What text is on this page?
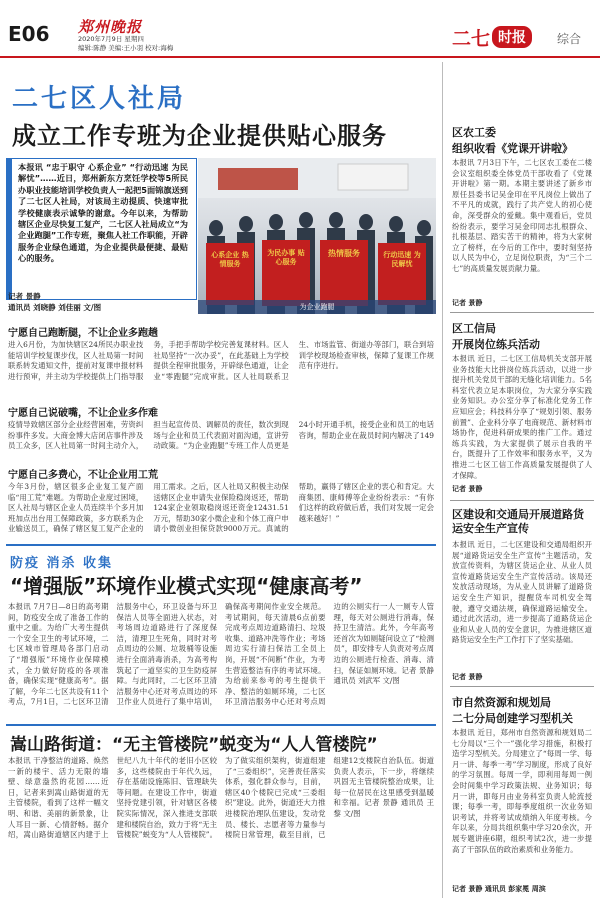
E06 郑州晚报
2020年7月9日 星期四
编辑:陈静 美编:王小羽 校对:海梅	二七 时报	综合
二七区人社局
成立工作专班为企业提供贴心服务
本报讯 “忠于职守 心系企业” “行动迅速 为民解忧”……近日，郑州新东方烹饪学校等5所民办职业技能培训学校负责人一起把5面锦旗送到了二七区人社局，对该局主动提质、快速审批学校健康表示诚挚的谢意。今年以来，为帮助辖区企业尽快复工复产，二七区人社局成立“为企业跑腿”工作专班，聚焦人社工作职能，开辟服务企业绿色通道，为企业提供最便捷、最贴心的服务。
记者 景静
通讯员 刘晓静 刘佳丽 文/图
心系企业 热情服务
为民办事 贴心服务
热情服务	行动迅速 为民解忧
为企业跑腿
宁愿自己跑断腿，不让企业多跑趟
进入6月份，为加快辖区24所民办职业技能培训学校复课步伐，区人社局第一时间联系转发通知文件，提前对复课申报材料进行预审，并主动为学校提供上门指导服务，手把手帮助学校完善复课材料。区人社局坚持“一次办妥”，在此基础上为学校提供全程审批服务，开辟绿色通道，让企业“零跑腿”完成审批。区人社局联系卫生、市场监管、街道办等部门，联合到培训学校现场检查审核，保障了复课工作规范有序进行。
宁愿自己说破嘴，不让企业多作难
疫情导致辖区部分企业经营困难，劳资纠纷事件多发。大商金博大店闭店事件涉及员工众多，区人社局第一时间主动介入，担当起宣传员、调解员的责任，数次到现场与企业和员工代表面对面沟通，宣讲劳动政策。“为企业跑腿”专班工作人员更是24小时开通手机，接受企业和员工的电话咨询，帮助企业在裁员时间内解决了149
宁愿自己多费心，不让企业用工荒
今年3月份，辖区很多企业复工复产面临“用工荒”难题。为帮助企业度过困境，区人社局与辖区企业人员连续半个多月加班加点出台用工保障政策，多方联系为企业输送员工，确保了辖区复工复产企业的用工需求。之后，区人社局又积极主动保送辖区企业申请失业保险稳岗返还，帮助124家企业领取稳岗返还资金12431.51万元，帮助30家小微企业和个体工商户申请小微创业担保贷款9000万元。真诚的帮助，赢得了辖区企业的衷心和肯定。大商集团、康师傅等企业纷纷表示：“有你们这样的政府做后盾，我们对发展一定会越来越好！”
防疫 消杀 收集
“增强版”环境作业模式实现“健康高考”
本报讯 7月7日—8日的高考期间，防疫安全成了准备工作的重中之重。为给广大考生提供一个安全卫生的考试环境，二七区城市管理局各部门启动了“增强版”环境作业保障模式，全力做好防疫的各项准备，确保实现“健康高考”。据了解，今年二七区共设有11个考点，7月1日，二七区环卫清洁服务中心，环卫设备与环卫保洁人员等全面进入状态，对考场周边道路进行了深度保洁，清理卫生死角，同时对考点周边的公厕、垃圾桶等设施进行全面消毒消杀，为高考构筑起了一道坚实的卫生防疫屏障。与此同时，二七区环卫清洁服务中心还对考点周边的环卫作业人员进行了集中培训，确保高考期间作业安全规范。考试期间，每天清晨6点前要完成考点周边道路清扫、垃圾收集、道路冲洗等作业；考场周边实行清扫保洁工全员上岗，开展“不间断”作业，为考生营造整洁有序的考试环境。为给前来参考的考生提供干净、整洁的如厕环境，二七区环卫清洁服务中心还对考点周边的公厕实行一人一厕专人管理，每天对公厕进行消毒，保持卫生清洁。此外，今年高考还首次为如厕疑问设立了“检测员”，即安排专人负责对考点周边的公厕进行检查、消毒、清扫，保证如厕环境。记者 景静 通讯员 刘武军 文/图
嵩山路街道：“无主管楼院”蜕变为“人人管楼院”
本报讯 干净整洁的道路、焕然一新的楼宇、活力无限的墙壁、绿意盎然的花园……近日，记者来到嵩山路街道的无主管楼院，看到了这样一幅文明、和谐、美丽的新景象，让人耳目一新、心情舒畅。据介绍，嵩山路街道辖区内建于上世纪八九十年代的老旧小区较多，这些楼院由于年代久远，存在基础设施陈旧、管理缺失等问题。在建设工作中，街道坚持党建引领，针对辖区各楼院实际情况，深入推进支部联建和楼院自治，致力于将“无主管楼院”蜕变为“人人管楼院”。为了做实组织架构，街道组建了“三委组织”，完善责任落实体系，强化群众参与，目前，辖区40个楼院已完成“三委组织”建设。此外，街道还大力推进楼院治理队伍建设，发动党员、楼长、志愿者等力量参与楼院日常管理，截至目前，已组建12支楼院自治队伍。街道负责人表示，下一步，将继续巩固无主管楼院整治成果，让每一位居民在这里感受到温暖和幸福。记者 景静 通讯员 王黎 文/图
区农工委
组织收看《党课开讲啦》
本报讯 7月3日下午，二七区农工委在二楼会议室组织委全体党员干部收看了《党课开讲啦》第一期。本期主要讲述了新乡市原任县委书记吴金印在平凡岗位上做出了不平凡的成就，践行了共产党人的初心使命，深受群众的爱戴。集中观看后，党员纷纷表示，要学习吴金印同志扎根群众、扎根基层、踏实苦干的精神，将为大家树立了榜样，在今后的工作中，要时刻坚持以人民为中心，立足岗位职责，为“三个二七”的高质量发展贡献力量。
记者 景静
区工信局
开展岗位练兵活动
本报讯 近日，二七区工信局机关支部开展业务技能大比拼岗位练兵活动，以进一步提升机关党员干部的无缝化培训能力。5名科室代表立足本职岗位，为大家分享实践业务知识。办公室分享了标准化党务工作应知应会；科技科分享了“规划引领、服务前置”、企业科分享了电商规范、新材料市场协作，促进科研成果的推广工作。通过练兵实践，为大家提供了展示自我的平台，既提升了工作效率和服务水平，又为推进二七区工信工作高质量发展提供了人才保障。
记者 景静
区建设和交通局开展道路货运安全生产宣传
本报讯 近日，二七区建设和交通局组织开展“道路货运安全生产宣传”主题活动，发放宣传资料，为辖区货运企业、从业人员宣传道路货运安全生产宣传活动。该局还发放活动现场，为从业人员讲解了道路货运安全生产知识，提醒货车司机安全驾驶，遵守交通法规，确保道路运输安全。通过此次活动，进一步提高了道路货运企业和从业人员的安全意识，为推进辖区道路货运安全生产工作打下了坚实基础。
记者 景静
市自然资源和规划局
二七分局创建学习型机关
本报讯 近日，郑州市自然资源和规划局二七分局以“三个一”强化学习措施，积极打造学习型机关。分局建立了“每周一学、每月一讲、每季一考”学习制度，形成了良好的学习氛围。每周一学，即利用每周一例会时间集中学习政策法规、业务知识；每月一讲，即每月由业务科室负责人轮流授课；每季一考，即每季度组织一次业务知识考试，并将考试成绩纳入年度考核。今年以来，分局共组织集中学习20余次，开展专题讲座6期，组织考试2次，进一步提高了干部队伍的政治素质和业务能力。
记者 景静 通讯员 彭家冕 周滨
